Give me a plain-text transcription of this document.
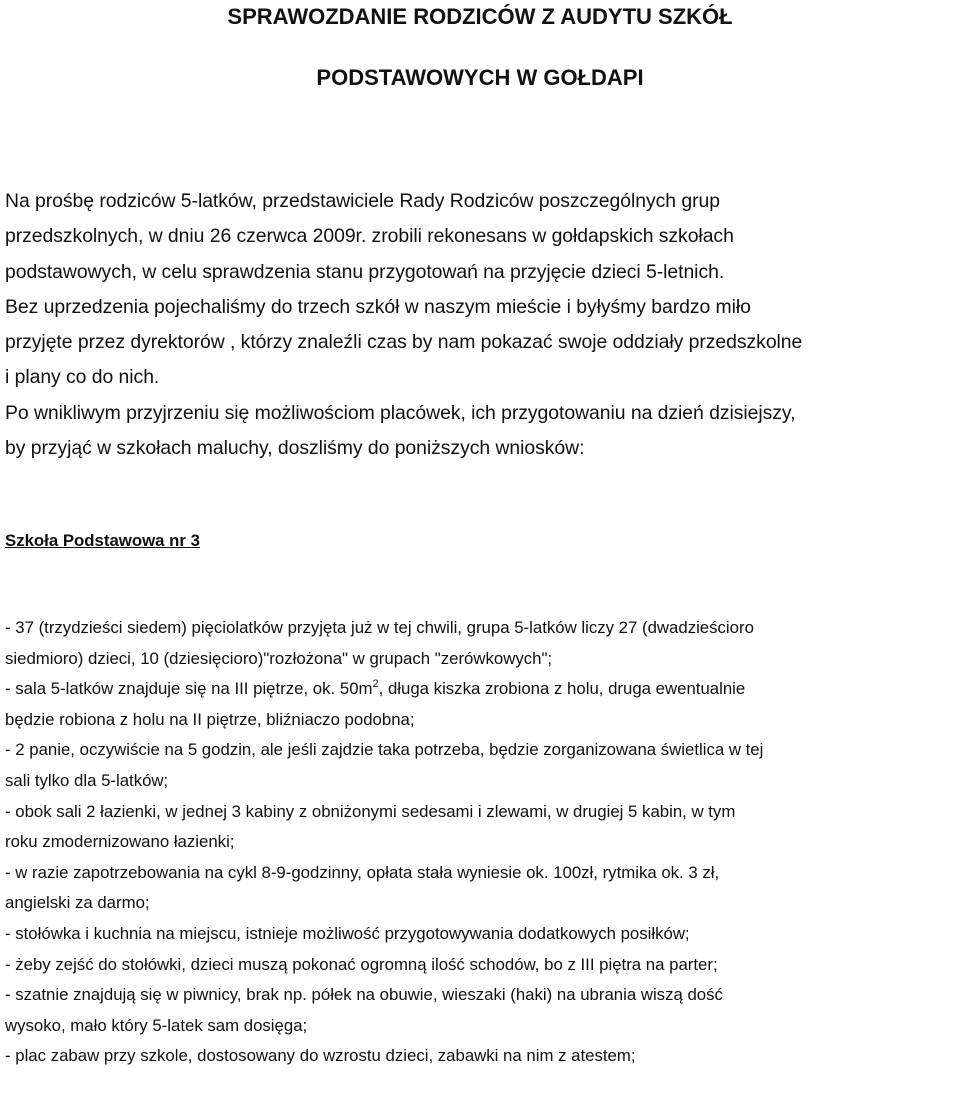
SPRAWOZDANIE RODZICÓW Z AUDYTU SZKÓŁ
PODSTAWOWYCH W GOŁDAPI

Na prośbę rodziców 5-latków, przedstawiciele Rady Rodziców poszczególnych grup
przedszkolnych, w dniu 26 czerwca 2009r. zrobili rekonesans w gołdapskich szkołach
podstawowych, w celu sprawdzenia stanu przygotowań na przyjęcie dzieci 5-letnich.
Bez uprzedzenia pojechaliśmy do trzech szkół w naszym mieście i byłyśmy bardzo miło
przyjęte przez dyrektorów , którzy znaleźli czas by nam pokazać swoje oddziały przedszkolne
i plany co do nich.
Po wnikliwym przyjrzeniu się możliwościom placówek, ich przygotowaniu na dzień dzisiejszy,
by przyjąć w szkołach maluchy, doszliśmy do poniższych wniosków:

Szkoła Podstawowa nr 3
- 37 (trzydzieści siedem) pięciolatków przyjęta już w tej chwili, grupa 5-latków liczy 27 (dwadzieścioro
siedmioro) dzieci, 10 (dziesięcioro)"rozłożona" w grupach "zerówkowych";
- sala 5-latków znajduje się na III piętrze, ok. $50m^2$, długa kiszka zrobiona z holu, druga ewentualnie
będzie robiona z holu na II piętrze, bliźniaczo podobna;
- 2 panie, oczywiście na 5 godzin, ale jeśli zajdzie taka potrzeba, będzie zorganizowana świetlica w tej
sali tylko dla 5-latków;
- obok sali 2 łazienki, w jednej 3 kabiny z obniżonymi sedesami i zlewami, w drugiej 5 kabin, w tym
roku zmodernizowano łazienki;
- w razie zapotrzebowania na cykl 8-9-godzinny, opłata stała wyniesie ok. 100zł, rytmika ok. 3 zł,
angielski za darmo;
- stołówka i kuchnia na miejscu, istnieje możliwość przygotowywania dodatkowych posiłków;
- żeby zejść do stołówki, dzieci muszą pokonać ogromną ilość schodów, bo z III piętra na parter;
- szatnie znajdują się w piwnicy, brak np. półek na obuwie, wieszaki (haki) na ubrania wiszą dość
wysoko, mało który 5-latek sam dosięga;
- plac zabaw przy szkole, dostosowany do wzrostu dzieci, zabawki na nim z atestem;
